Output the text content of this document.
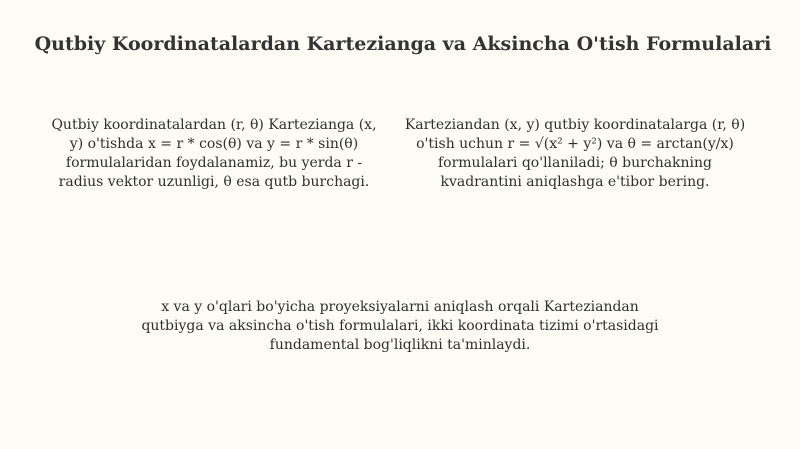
Qutbiy Koordinatalardan Kartezianga va Aksincha O'tish Formulalari

Qutbiy koordinatalardan (r, θ) Kartezianga (x, y) o'tishda x = r * cos(θ) va y = r * sin(θ) formulalaridan foydalanamiz, bu yerda r - radius vektor uzunligi, θ esa qutb burchagi.

Karteziandan (x, y) qutbiy koordinatalarga (r, θ) o'tish uchun r = √(x² + y²) va θ = arctan(y/x) formulalari qo'llaniladi; θ burchakning kvadrantini aniqlashga e'tibor bering.

x va y o'qlari bo'yicha proyeksiyalarni aniqlash orqali Karteziandan qutbiyga va aksincha o'tish formulalari, ikki koordinata tizimi o'rtasidagi fundamental bog'liqlikni ta'minlaydi.
